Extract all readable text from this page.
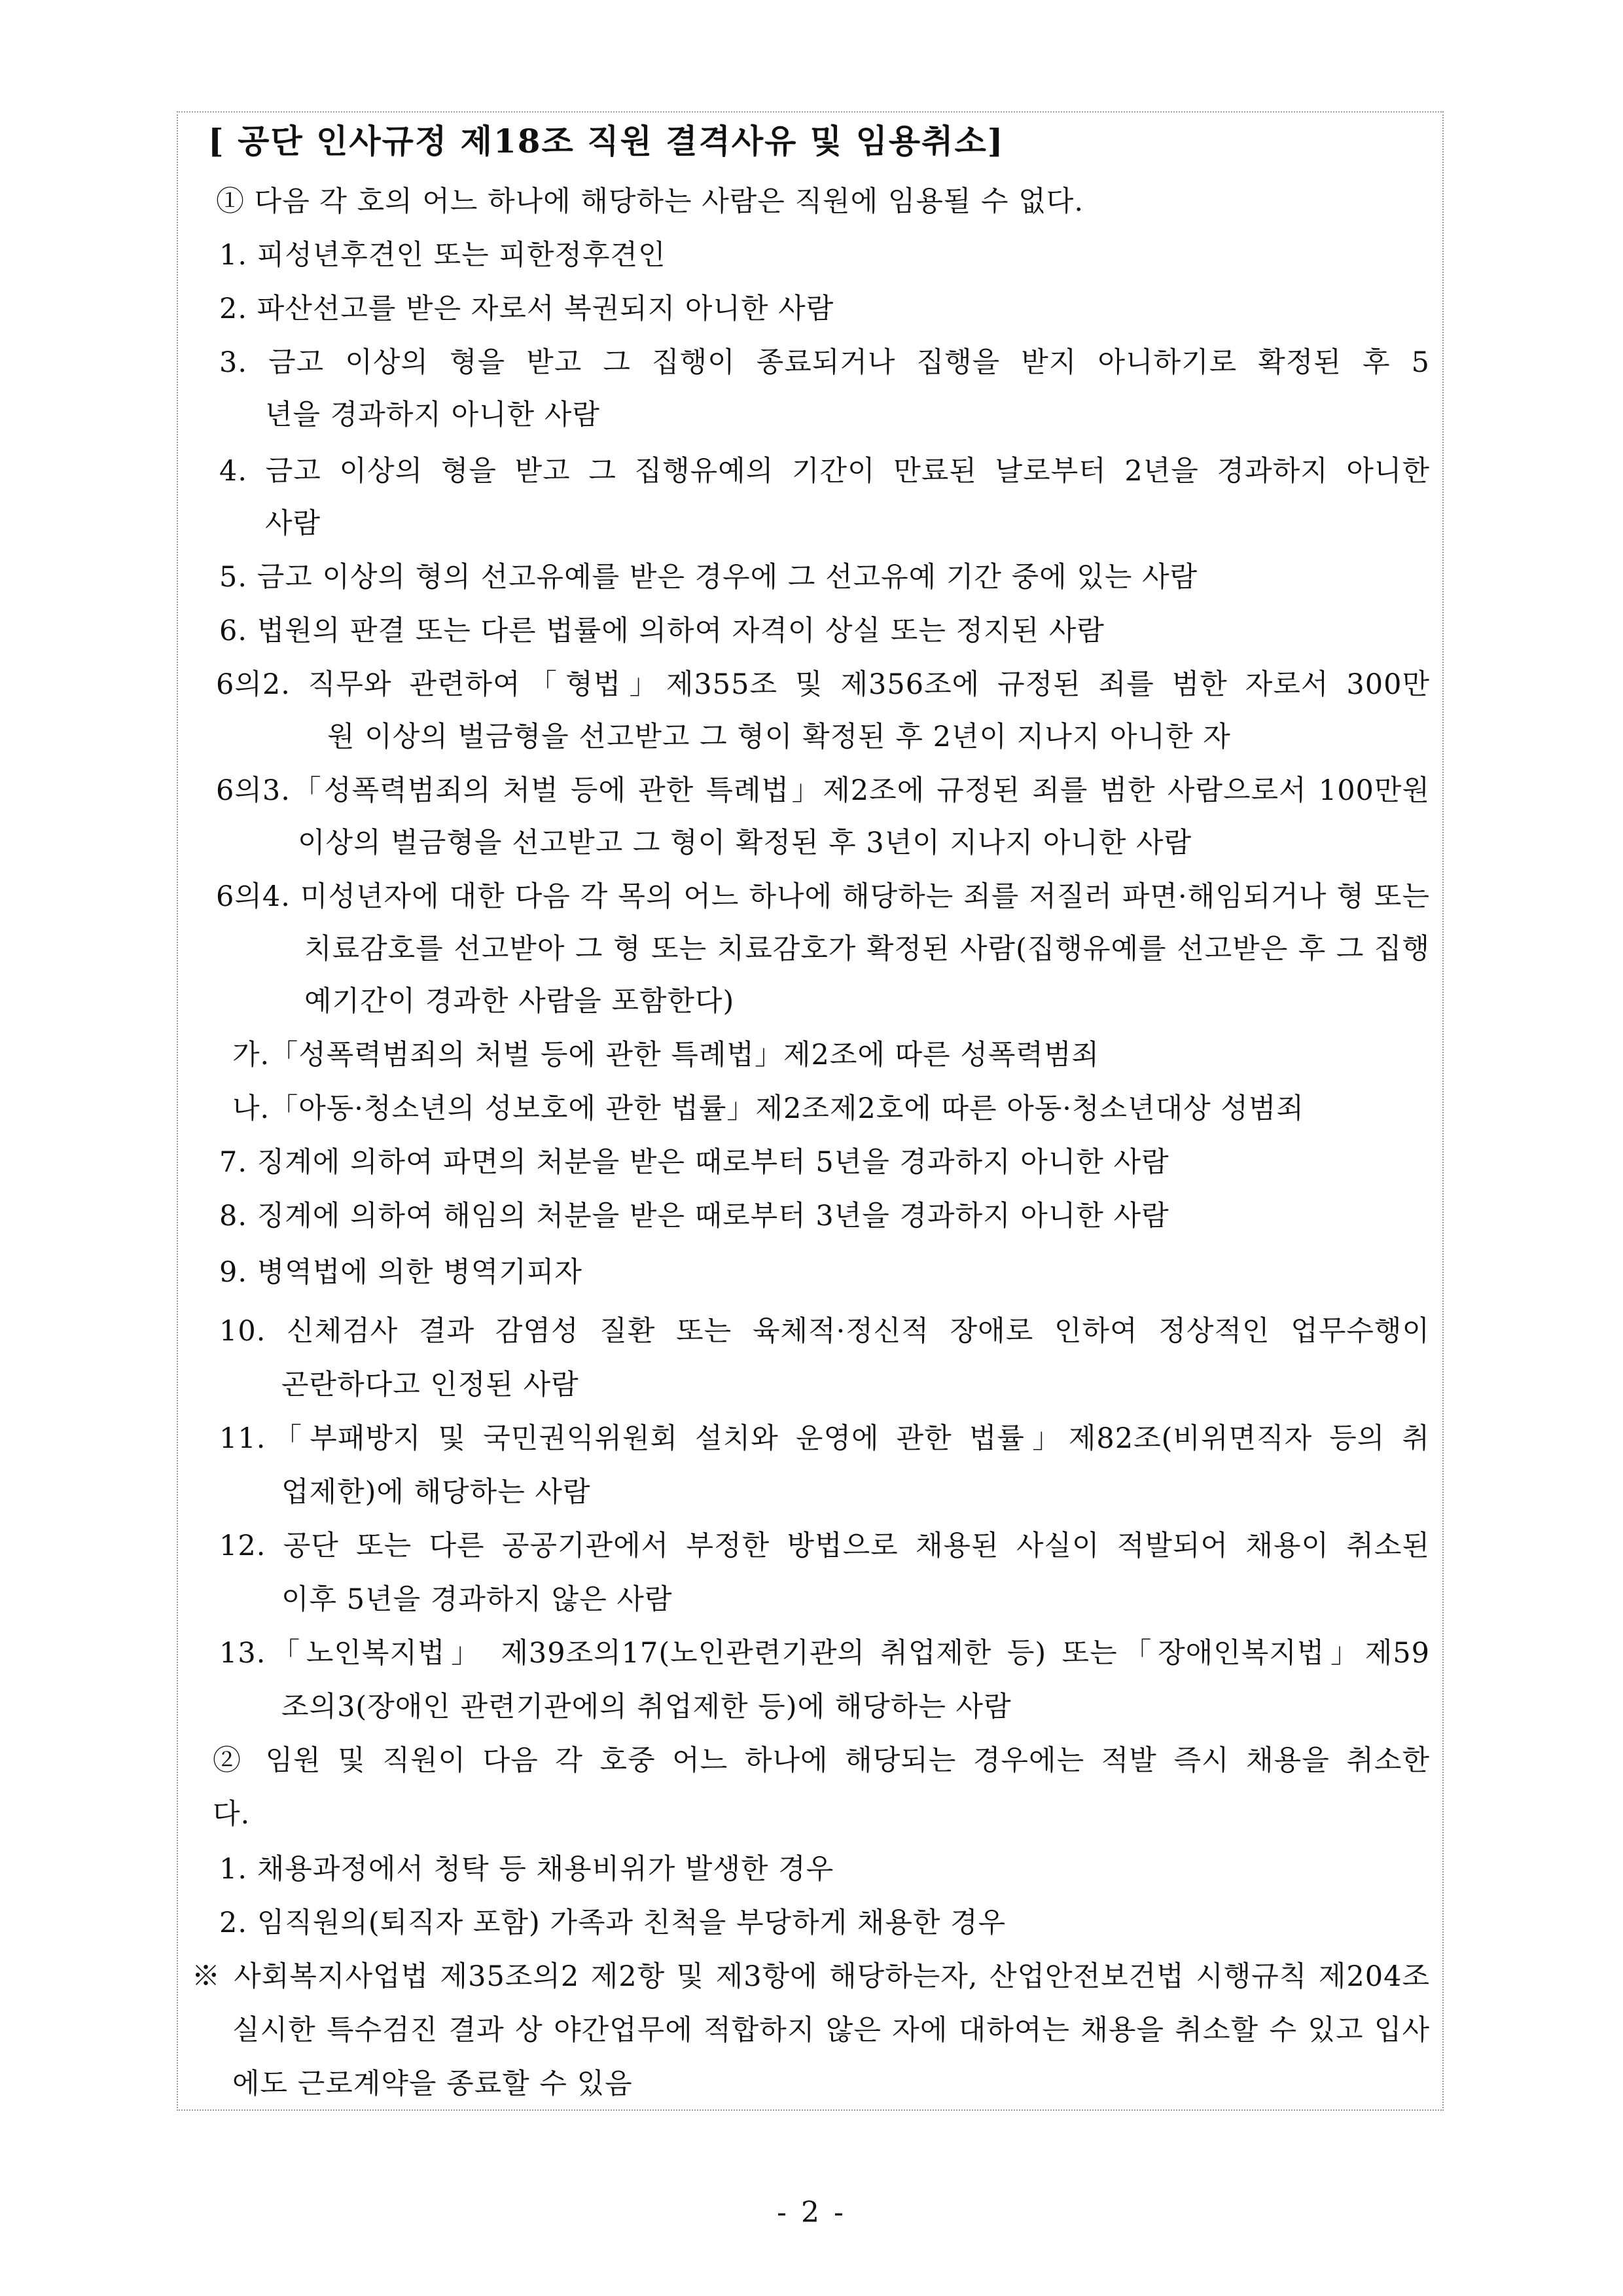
[ 공단 인사규정 제18조 직원 결격사유 및 임용취소]
① 다음 각 호의 어느 하나에 해당하는 사람은 직원에 임용될 수 없다.
1. 피성년후견인 또는 피한정후견인
2. 파산선고를 받은 자로서 복권되지 아니한 사람
3. 금고 이상의 형을 받고 그 집행이 종료되거나 집행을 받지 아니하기로 확정된 후 5
년을 경과하지 아니한 사람
4. 금고 이상의 형을 받고 그 집행유예의 기간이 만료된 날로부터 2년을 경과하지 아니한
사람
5. 금고 이상의 형의 선고유예를 받은 경우에 그 선고유예 기간 중에 있는 사람
6. 법원의 판결 또는 다른 법률에 의하여 자격이 상실 또는 정지된 사람
6의2. 직무와 관련하여「형법」제355조 및 제356조에 규정된 죄를 범한 자로서 300만
원 이상의 벌금형을 선고받고 그 형이 확정된 후 2년이 지나지 아니한 자
6의3.「성폭력범죄의 처벌 등에 관한 특례법」제2조에 규정된 죄를 범한 사람으로서 100만원
이상의 벌금형을 선고받고 그 형이 확정된 후 3년이 지나지 아니한 사람
6의4. 미성년자에 대한 다음 각 목의 어느 하나에 해당하는 죄를 저질러 파면·해임되거나 형 또는
치료감호를 선고받아 그 형 또는 치료감호가 확정된 사람(집행유예를 선고받은 후 그 집행
예기간이 경과한 사람을 포함한다)
가.「성폭력범죄의 처벌 등에 관한 특례법」제2조에 따른 성폭력범죄
나.「아동·청소년의 성보호에 관한 법률」제2조제2호에 따른 아동·청소년대상 성범죄
7. 징계에 의하여 파면의 처분을 받은 때로부터 5년을 경과하지 아니한 사람
8. 징계에 의하여 해임의 처분을 받은 때로부터 3년을 경과하지 아니한 사람
9. 병역법에 의한 병역기피자
10. 신체검사 결과 감염성 질환 또는 육체적·정신적 장애로 인하여 정상적인 업무수행이
곤란하다고 인정된 사람
11.「부패방지 및 국민권익위원회 설치와 운영에 관한 법률」제82조(비위면직자 등의 취
업제한)에 해당하는 사람
12. 공단 또는 다른 공공기관에서 부정한 방법으로 채용된 사실이 적발되어 채용이 취소된
이후 5년을 경과하지 않은 사람
13.「노인복지법」 제39조의17(노인관련기관의 취업제한 등) 또는「장애인복지법」제59
조의3(장애인 관련기관에의 취업제한 등)에 해당하는 사람
② 임원 및 직원이 다음 각 호중 어느 하나에 해당되는 경우에는 적발 즉시 채용을 취소한
다.
1. 채용과정에서 청탁 등 채용비위가 발생한 경우
2. 임직원의(퇴직자 포함) 가족과 친척을 부당하게 채용한 경우
※ 사회복지사업법 제35조의2 제2항 및 제3항에 해당하는자, 산업안전보건법 시행규칙 제204조
실시한 특수검진 결과 상 야간업무에 적합하지 않은 자에 대하여는 채용을 취소할 수 있고 입사
에도 근로계약을 종료할 수 있음
- 2 -
